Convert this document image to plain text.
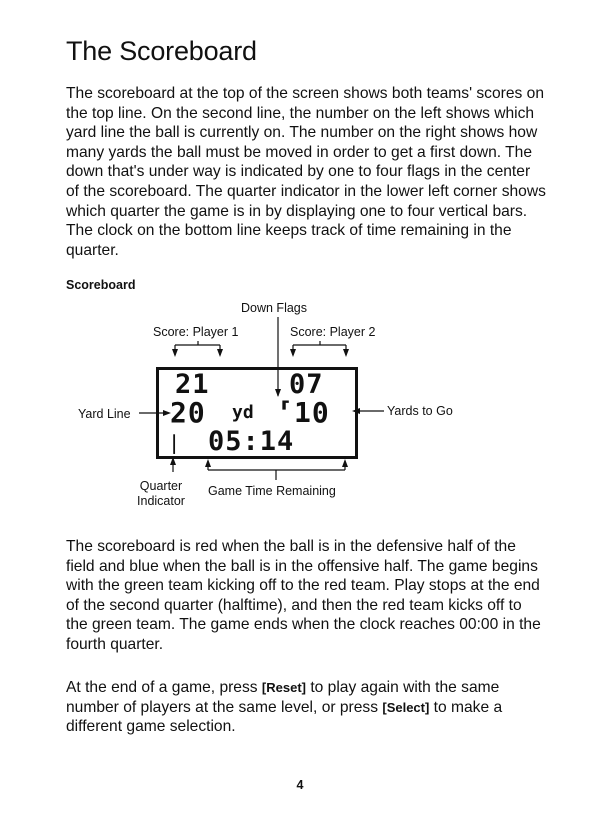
The Scoreboard

The scoreboard at the top of the screen shows both teams' scores on the top line. On the second line, the number on the left shows which yard line the ball is currently on. The number on the right shows how many yards the ball must be moved in order to get a first down. The down that's under way is indicated by one to four flags in the center of the scoreboard. The quarter indicator in the lower left corner shows which quarter the game is in by displaying one to four vertical bars. The clock on the bottom line keeps track of time remaining in the quarter.

Scoreboard
21	07
20 yd ⸢ 10
❘ 05:14
Down Flags
Score: Player 1	Score: Player 2
Yard Line	Yards to Go
Quarter
Indicator
Game Time Remaining

The scoreboard is red when the ball is in the defensive half of the field and blue when the ball is in the offensive half. The game begins with the green team kicking off to the red team. Play stops at the end of the second quarter (halftime), and then the red team kicks off to the green team. The game ends when the clock reaches 00:00 in the fourth quarter.

At the end of a game, press [Reset] to play again with the same number of players at the same level, or press [Select] to make a different game selection.

4
